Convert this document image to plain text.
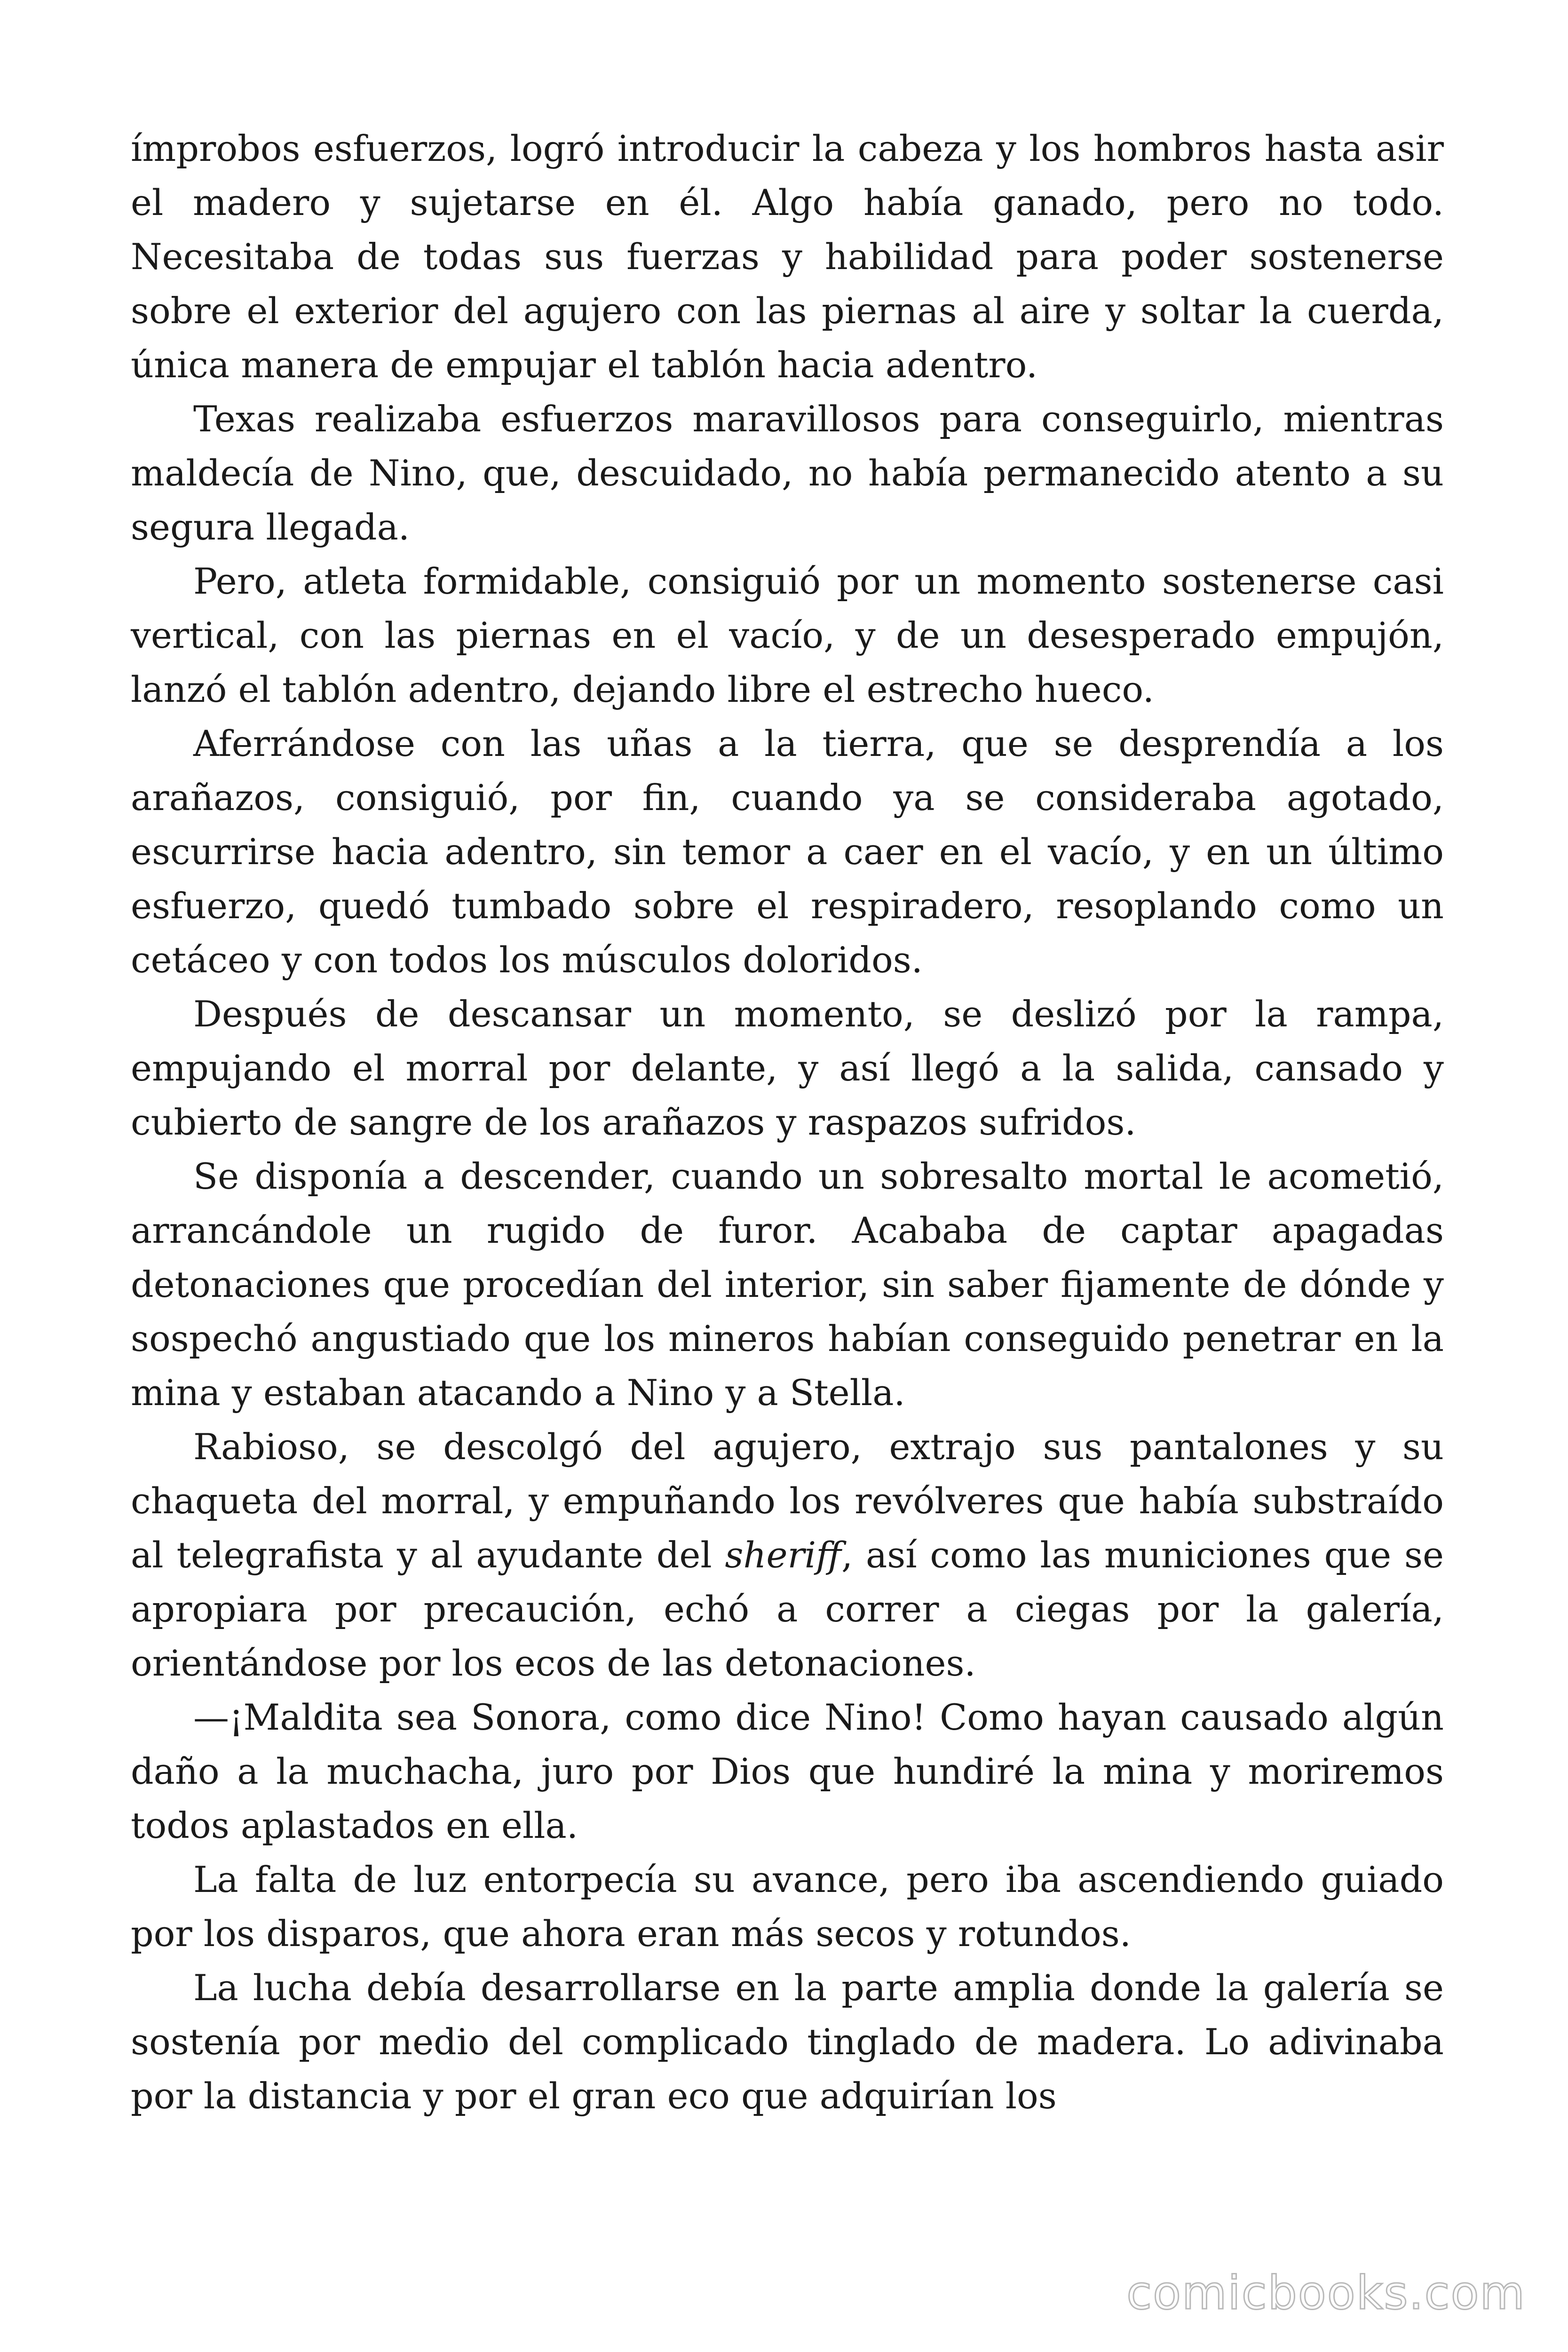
ímprobos esfuerzos, logró introducir la cabeza y los hombros hasta asir el madero y sujetarse en él. Algo había ganado, pero no todo. Necesitaba de todas sus fuerzas y habilidad para poder sostenerse sobre el exterior del agujero con las piernas al aire y soltar la cuerda, única manera de empujar el tablón hacia adentro.

Texas realizaba esfuerzos maravillosos para conseguirlo, mientras maldecía de Nino, que, descuidado, no había permanecido atento a su segura llegada.

Pero, atleta formidable, consiguió por un momento sostenerse casi vertical, con las piernas en el vacío, y de un desesperado empujón, lanzó el tablón adentro, dejando libre el estrecho hueco.

Aferrándose con las uñas a la tierra, que se desprendía a los arañazos, consiguió, por fin, cuando ya se consideraba agotado, escurrirse hacia adentro, sin temor a caer en el vacío, y en un último esfuerzo, quedó tumbado sobre el respiradero, resoplando como un cetáceo y con todos los músculos doloridos.

Después de descansar un momento, se deslizó por la rampa, empujando el morral por delante, y así llegó a la salida, cansado y cubierto de sangre de los arañazos y raspazos sufridos.

Se disponía a descender, cuando un sobresalto mortal le acometió, arrancándole un rugido de furor. Acababa de captar apagadas detonaciones que procedían del interior, sin saber fijamente de dónde y sospechó angustiado que los mineros habían conseguido penetrar en la mina y estaban atacando a Nino y a Stella.

Rabioso, se descolgó del agujero, extrajo sus pantalones y su chaqueta del morral, y empuñando los revólveres que había substraído al telegrafista y al ayudante del sheriff, así como las municiones que se apropiara por precaución, echó a correr a ciegas por la galería, orientándose por los ecos de las detonaciones.

—¡Maldita sea Sonora, como dice Nino! Como hayan causado algún daño a la muchacha, juro por Dios que hundiré la mina y moriremos todos aplastados en ella.

La falta de luz entorpecía su avance, pero iba ascendiendo guiado por los disparos, que ahora eran más secos y rotundos.

La lucha debía desarrollarse en la parte amplia donde la galería se sostenía por medio del complicado tinglado de madera. Lo adivinaba por la distancia y por el gran eco que adquirían los

comicbooks.com
